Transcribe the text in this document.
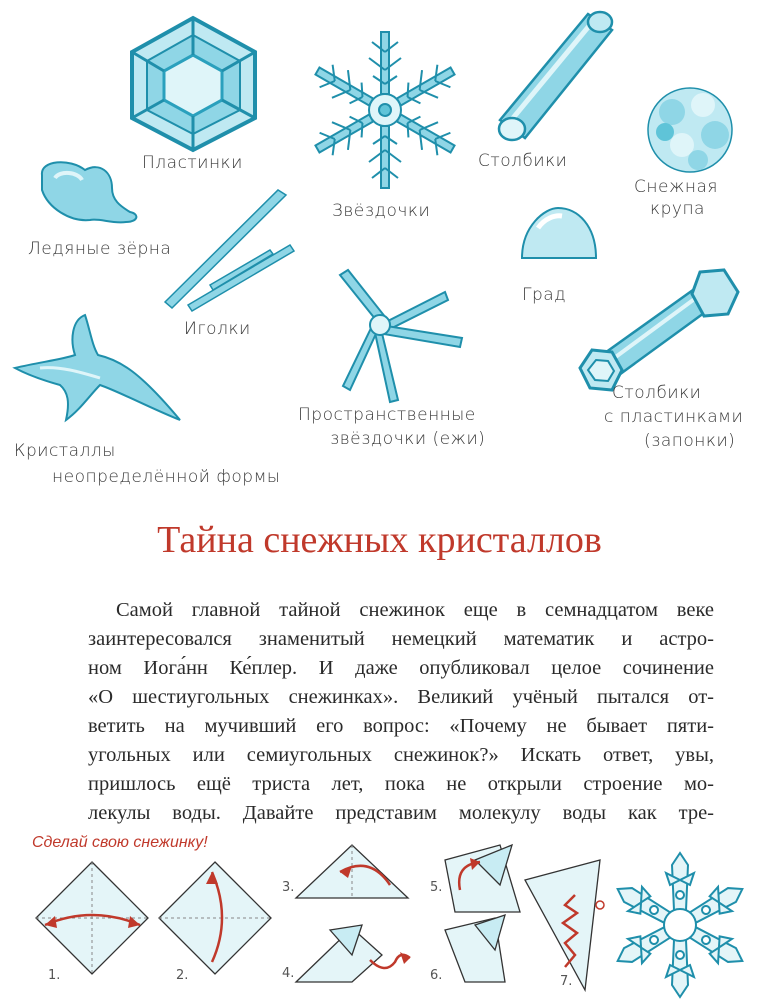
Пластинки
Звёздочки
Столбики
Снежная
крупа
Ледяные зёрна
Иголки
Град
Пространственные
звёздочки (ежи)
Столбики
с пластинками
(запонки)
Кристаллы
неопределённой формы
Тайна снежных кристаллов
Самой главной тайной снежинок еще в семнадцатом веке
заинтересовался знаменитый немецкий математик и астро-
ном Иога́нн Ке́плер. И даже опубликовал целое сочинение
«О шестиугольных снежинках». Великий учёный пытался от-
ветить на мучивший его вопрос: «Почему не бывает пяти-
угольных или семиугольных снежинок?» Искать ответ, увы,
пришлось ещё триста лет, пока не открыли строение мо-
лекулы воды. Давайте представим молекулу воды как тре-
Сделай свою снежинку!
1.	2.
3.
4.
5.
6.	7.
